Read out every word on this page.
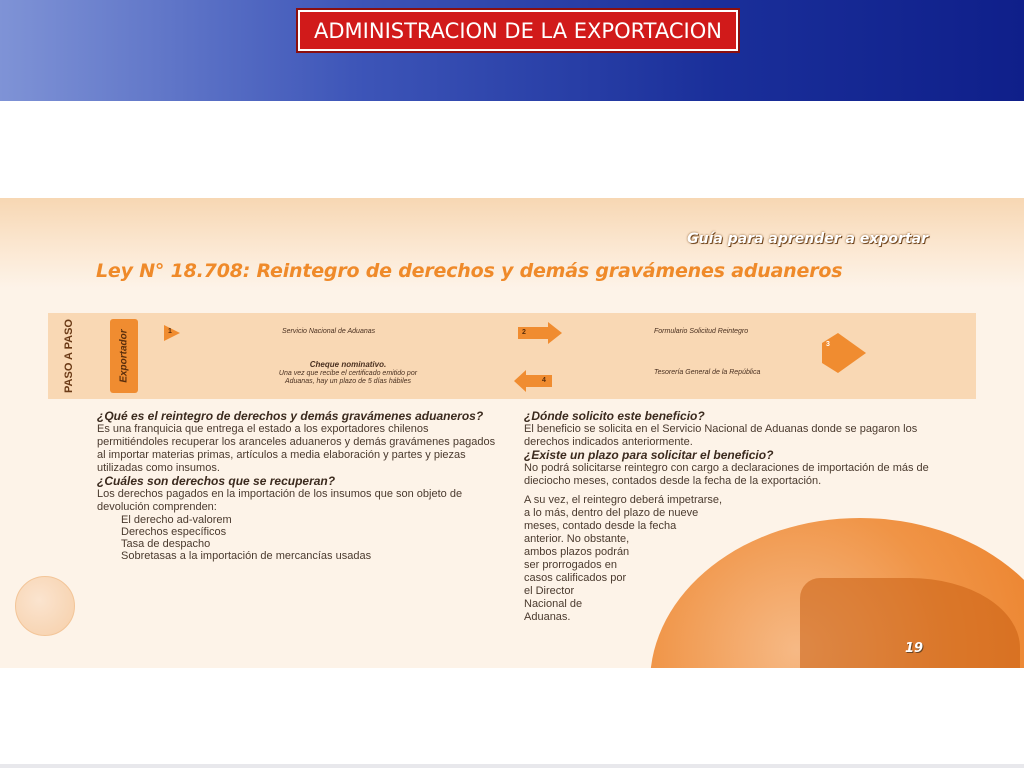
ADMINISTRACION DE LA EXPORTACION
Guía para aprender a exportar
Ley N° 18.708: Reintegro de derechos y demás gravámenes aduaneros
PASO A PASO	Exportador	1	2
3
4
Servicio Nacional de Aduanas	Formulario Solicitud Reintegro
Tesorería General de la República
Cheque nominativo.
Una vez que recibe el certificado emitido por Aduanas, hay un plazo de 5 días hábiles
¿Qué es el reintegro de derechos y demás gravámenes aduaneros?

Es una franquicia que entrega el estado a los exportadores chilenos permitiéndoles recuperar los aranceles aduaneros y demás gravámenes pagados al importar materias primas, artículos a media elaboración y partes y piezas utilizadas como insumos.

¿Cuáles son derechos que se recuperan?

Los derechos pagados en la importación de los insumos que son objeto de devolución comprenden:

El derecho ad-valorem
Derechos específicos
Tasa de despacho
Sobretasas a la importación de mercancías usadas
¿Dónde solicito este beneficio?

El beneficio se solicita en el Servicio Nacional de Aduanas donde se pagaron los derechos indicados anteriormente.

¿Existe un plazo para solicitar el beneficio?

No podrá solicitarse reintegro con cargo a declaraciones de importación de más de dieciocho meses, contados desde la fecha de la exportación.

A su vez, el reintegro deberá impetrarse,
a lo más, dentro del plazo de nueve
meses, contado desde la fecha
anterior. No obstante,
ambos plazos podrán
ser prorrogados en
casos calificados por
el Director
Nacional de
Aduanas.
19
